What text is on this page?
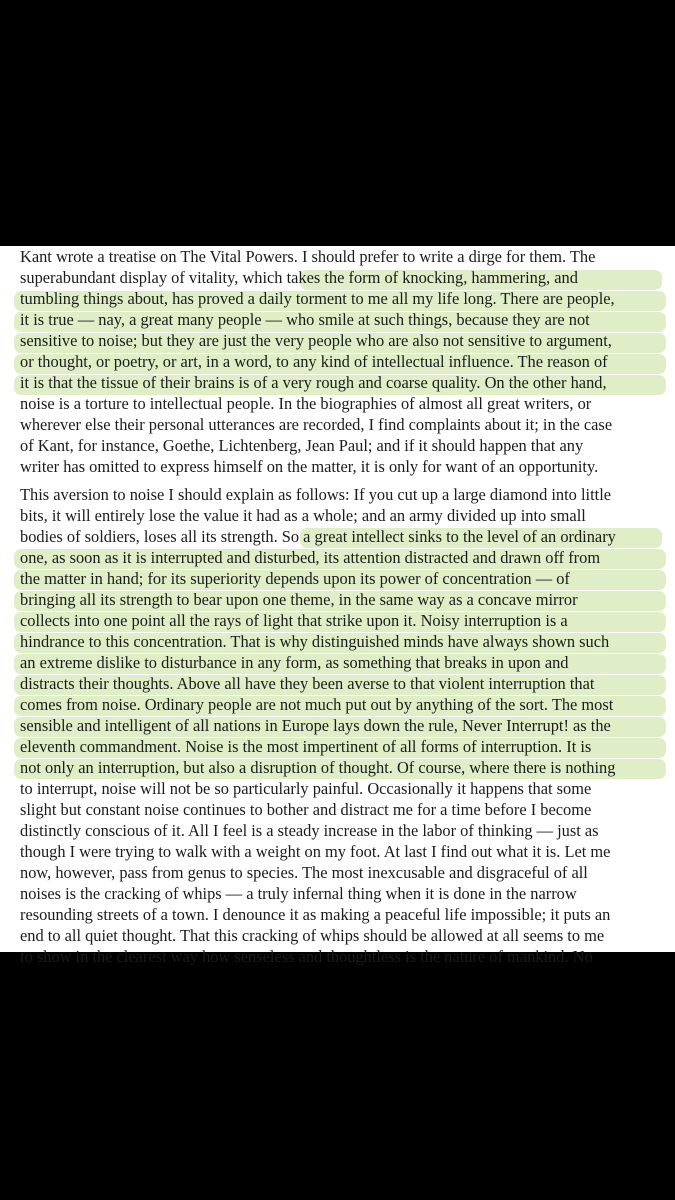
Kant wrote a treatise on The Vital Powers. I should prefer to write a dirge for them. The
superabundant display of vitality, which takes the form of knocking, hammering, and
tumbling things about, has proved a daily torment to me all my life long. There are people,
it is true — nay, a great many people — who smile at such things, because they are not
sensitive to noise; but they are just the very people who are also not sensitive to argument,
or thought, or poetry, or art, in a word, to any kind of intellectual influence. The reason of
it is that the tissue of their brains is of a very rough and coarse quality. On the other hand,
noise is a torture to intellectual people. In the biographies of almost all great writers, or
wherever else their personal utterances are recorded, I find complaints about it; in the case
of Kant, for instance, Goethe, Lichtenberg, Jean Paul; and if it should happen that any
writer has omitted to express himself on the matter, it is only for want of an opportunity.
This aversion to noise I should explain as follows: If you cut up a large diamond into little
bits, it will entirely lose the value it had as a whole; and an army divided up into small
bodies of soldiers, loses all its strength. So a great intellect sinks to the level of an ordinary
one, as soon as it is interrupted and disturbed, its attention distracted and drawn off from
the matter in hand; for its superiority depends upon its power of concentration — of
bringing all its strength to bear upon one theme, in the same way as a concave mirror
collects into one point all the rays of light that strike upon it. Noisy interruption is a
hindrance to this concentration. That is why distinguished minds have always shown such
an extreme dislike to disturbance in any form, as something that breaks in upon and
distracts their thoughts. Above all have they been averse to that violent interruption that
comes from noise. Ordinary people are not much put out by anything of the sort. The most
sensible and intelligent of all nations in Europe lays down the rule, Never Interrupt! as the
eleventh commandment. Noise is the most impertinent of all forms of interruption. It is
not only an interruption, but also a disruption of thought. Of course, where there is nothing
to interrupt, noise will not be so particularly painful. Occasionally it happens that some
slight but constant noise continues to bother and distract me for a time before I become
distinctly conscious of it. All I feel is a steady increase in the labor of thinking — just as
though I were trying to walk with a weight on my foot. At last I find out what it is. Let me
now, however, pass from genus to species. The most inexcusable and disgraceful of all
noises is the cracking of whips — a truly infernal thing when it is done in the narrow
resounding streets of a town. I denounce it as making a peaceful life impossible; it puts an
end to all quiet thought. That this cracking of whips should be allowed at all seems to me
to show in the clearest way how senseless and thoughtless is the nature of mankind. No
